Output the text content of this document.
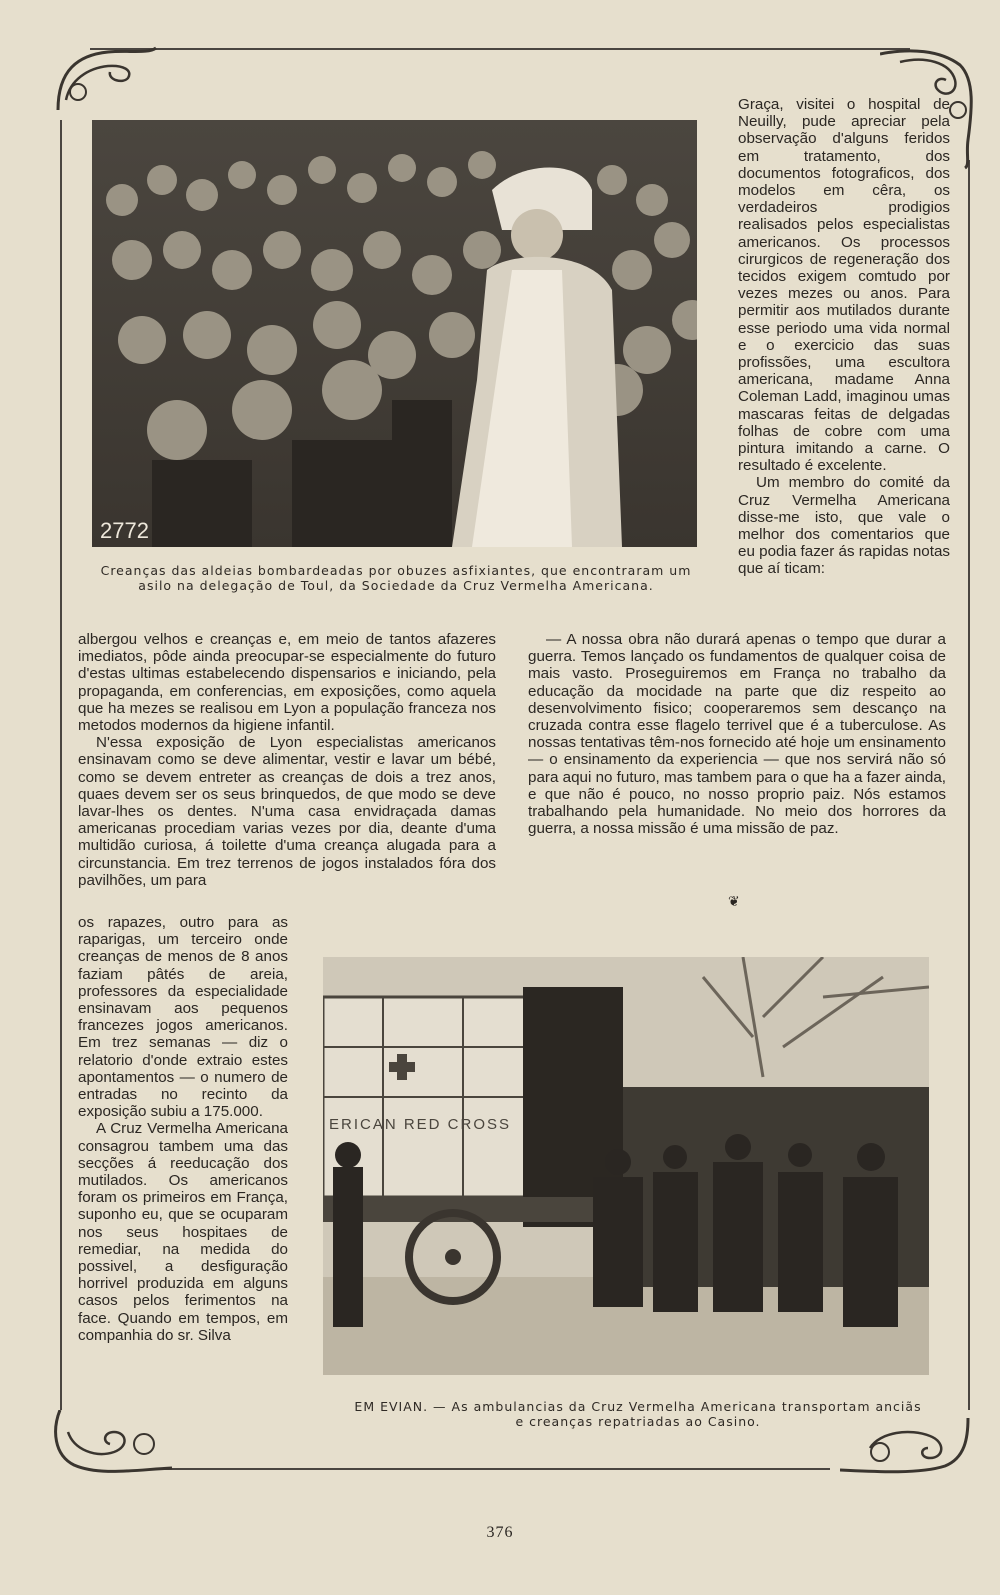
2772
Creanças das aldeias bombardeadas por obuzes asfixiantes, que encontraram um
asilo na delegação de Toul, da Sociedade da Cruz Vermelha Americana.

Graça, visitei o hospital de Neuilly, pude apreciar pela observação d'alguns feridos em tratamento, dos documentos fotograficos, dos modelos em cêra, os verdadeiros prodigios realisados pelos especialistas americanos. Os processos cirurgicos de regeneração dos tecidos exigem comtudo por vezes mezes ou anos. Para permitir aos mutilados durante esse periodo uma vida normal e o exercicio das suas profissões, uma escultora americana, madame Anna Coleman Ladd, imaginou umas mascaras feitas de delgadas folhas de cobre com uma pintura imitando a carne. O resultado é excelente.

Um membro do comité da Cruz Vermelha Americana disse-me isto, que vale o melhor dos comentarios que eu podia fazer ás rapidas notas que aí ticam:

albergou velhos e creanças e, em meio de tantos afazeres imediatos, pôde ainda preocupar-se especialmente do futuro d'estas ultimas estabelecendo dispensarios e iniciando, pela propaganda, em conferencias, em exposições, como aquela que ha mezes se realisou em Lyon a população franceza nos metodos modernos da higiene infantil.

N'essa exposição de Lyon especialistas americanos ensinavam como se deve alimentar, vestir e lavar um bébé, como se devem entreter as creanças de dois a trez anos, quaes devem ser os seus brinquedos, de que modo se deve lavar-lhes os dentes. N'uma casa envidraçada damas americanas procediam varias vezes por dia, deante d'uma multidão curiosa, á toilette d'uma creança alugada para a circunstancia. Em trez terrenos de jogos instalados fóra dos pavilhões, um para

— A nossa obra não durará apenas o tempo que durar a guerra. Temos lançado os fundamentos de qualquer coisa de mais vasto. Proseguiremos em França no trabalho da educação da mocidade na parte que diz respeito ao desenvolvimento fisico; cooperaremos sem descanço na cruzada contra esse flagelo terrivel que é a tuberculose. As nossas tentativas têm-nos fornecido até hoje um ensinamento — o ensinamento da experiencia — que nos servirá não só para aqui no futuro, mas tambem para o que ha a fazer ainda, e que não é pouco, no nosso proprio paiz. Nós estamos trabalhando pela humanidade. No meio dos horrores da guerra, a nossa missão é uma missão de paz.

❦

os rapazes, outro para as raparigas, um terceiro onde creanças de menos de 8 anos faziam pâtés de areia, professores da especialidade ensinavam aos pequenos francezes jogos americanos. Em trez semanas — diz o relatorio d'onde extraio estes apontamentos — o numero de entradas no recinto da exposição subiu a 175.000.

A Cruz Vermelha Americana consagrou tambem uma das secções á reeducação dos mutilados. Os americanos foram os primeiros em França, suponho eu, que se ocuparam nos seus hospitaes de remediar, na medida do possivel, a desfiguração horrivel produzida em alguns casos pelos ferimentos na face. Quando em tempos, em companhia do sr. Silva

ERICAN RED CROSS
EM EVIAN. — As ambulancias da Cruz Vermelha Americana transportam anciãs
e creanças repatriadas ao Casino.
376
